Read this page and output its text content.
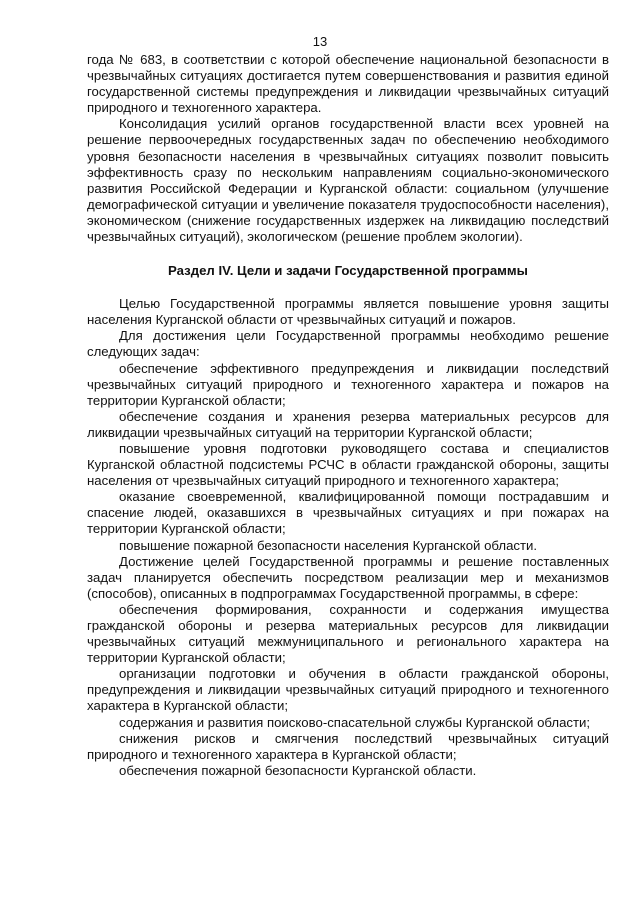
13

года № 683, в соответствии с которой обеспечение национальной безопасности в чрезвычайных ситуациях достигается путем совершенствования и развития единой государственной системы предупреждения и ликвидации чрезвычайных ситуаций природного и техногенного характера.

Консолидация усилий органов государственной власти всех уровней на решение первоочередных государственных задач по обеспечению необходимого уровня безопасности населения в чрезвычайных ситуациях позволит повысить эффективность сразу по нескольким направлениям социально-экономического развития Российской Федерации и Курганской области: социальном (улучшение демографической ситуации и увеличение показателя трудоспособности населения), экономическом (снижение государственных издержек на ликвидацию последствий чрезвычайных ситуаций), экологическом (решение проблем экологии).

Раздел IV. Цели и задачи Государственной программы

Целью Государственной программы является повышение уровня защиты населения Курганской области от чрезвычайных ситуаций и пожаров.

Для достижения цели Государственной программы необходимо решение следующих задач:

обеспечение эффективного предупреждения и ликвидации последствий чрезвычайных ситуаций природного и техногенного характера и пожаров на территории Курганской области;

обеспечение создания и хранения резерва материальных ресурсов для ликвидации чрезвычайных ситуаций на территории Курганской области;

повышение уровня подготовки руководящего состава и специалистов Курганской областной подсистемы РСЧС в области гражданской обороны, защиты населения от чрезвычайных ситуаций природного и техногенного характера;

оказание своевременной, квалифицированной помощи пострадавшим и спасение людей, оказавшихся в чрезвычайных ситуациях и при пожарах на территории Курганской области;

повышение пожарной безопасности населения Курганской области.

Достижение целей Государственной программы и решение поставленных задач планируется обеспечить посредством реализации мер и механизмов (способов), описанных в подпрограммах Государственной программы, в сфере:

обеспечения формирования, сохранности и содержания имущества гражданской обороны и резерва материальных ресурсов для ликвидации чрезвычайных ситуаций межмуниципального и регионального характера на территории Курганской области;

организации подготовки и обучения в области гражданской обороны, предупреждения и ликвидации чрезвычайных ситуаций природного и техногенного характера в Курганской области;

содержания и развития поисково-спасательной службы Курганской области;

снижения рисков и смягчения последствий чрезвычайных ситуаций природного и техногенного характера в Курганской области;

обеспечения пожарной безопасности Курганской области.
